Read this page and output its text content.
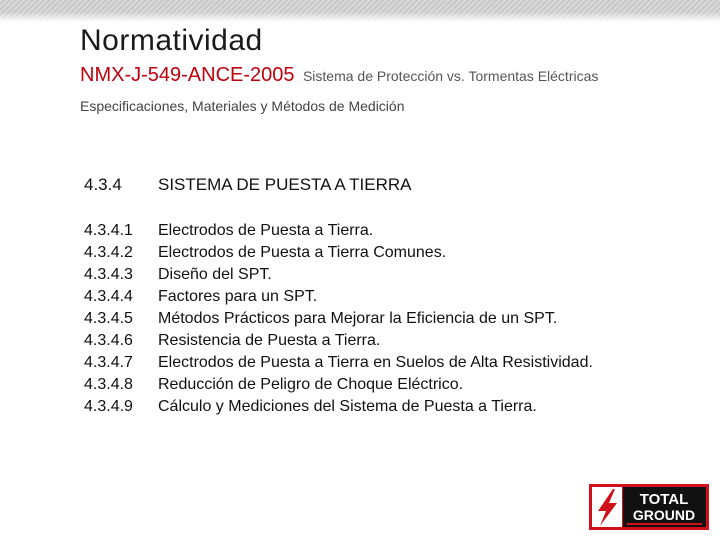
Normatividad
NMX-J-549-ANCE-2005 Sistema de Protección vs. Tormentas Eléctricas
Especificaciones, Materiales y Métodos de Medición
4.3.4 SISTEMA DE PUESTA A TIERRA
4.3.4.1 Electrodos de Puesta a Tierra.
4.3.4.2 Electrodos de Puesta a Tierra Comunes.
4.3.4.3 Diseño del SPT.
4.3.4.4 Factores para un SPT.
4.3.4.5 Métodos Prácticos para Mejorar la Eficiencia de un SPT.
4.3.4.6 Resistencia de Puesta a Tierra.
4.3.4.7 Electrodos de Puesta a Tierra en Suelos de Alta Resistividad.
4.3.4.8 Reducción de Peligro de Choque Eléctrico.
4.3.4.9 Cálculo y Mediciones del Sistema de Puesta a Tierra.
TOTAL
GROUND
